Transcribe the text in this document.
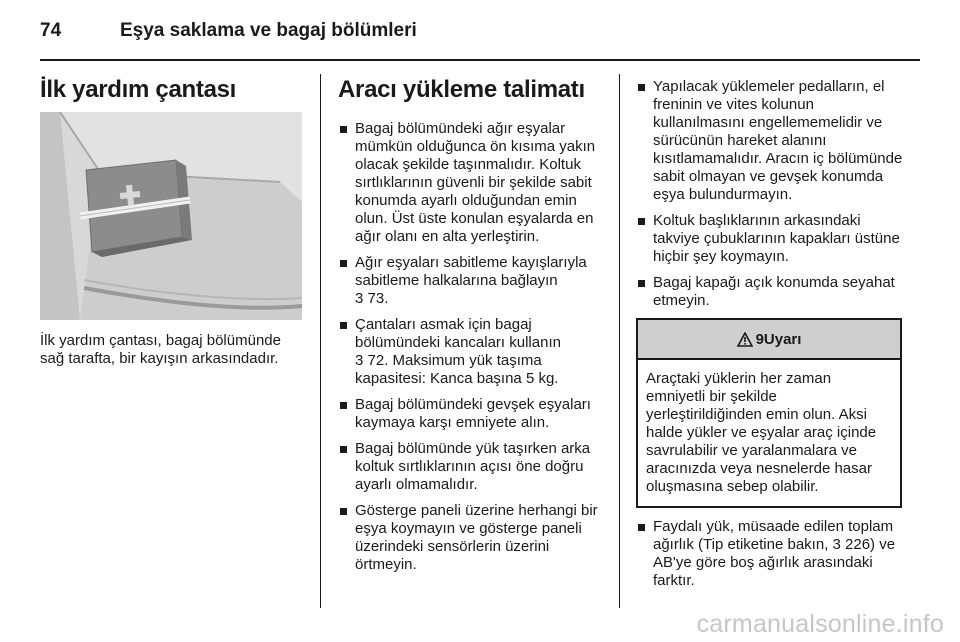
74	Eşya saklama ve bagaj bölümleri
İlk yardım çantası
İlk yardım çantası, bagaj bölümünde sağ tarafta, bir kayışın arkasındadır.
Aracı yükleme talimatı
Bagaj bölümündeki ağır eşyalar mümkün olduğunca ön kısıma yakın olacak şekilde taşınmalıdır. Koltuk sırtlıklarının güvenli bir şekilde sabit konumda ayarlı olduğundan emin olun. Üst üste konulan eşyalarda en ağır olanı en alta yerleştirin.
Ağır eşyaları sabitleme kayışlarıyla sabitleme halkalarına bağlayın
3 73.
Çantaları asmak için bagaj bölümündeki kancaları kullanın
3 72. Maksimum yük taşıma kapasitesi: Kanca başına 5 kg.
Bagaj bölümündeki gevşek eşyaları kaymaya karşı emniyete alın.
Bagaj bölümünde yük taşırken arka koltuk sırtlıklarının açısı öne doğru ayarlı olmamalıdır.
Gösterge paneli üzerine herhangi bir eşya koymayın ve gösterge paneli üzerindeki sensörlerin üzerini örtmeyin.
Yapılacak yüklemeler pedalların, el freninin ve vites kolunun kullanılmasını engellememelidir ve sürücünün hareket alanını kısıtlamamalıdır. Aracın iç bölümünde sabit olmayan ve gevşek konumda eşya bulundurmayın.
Koltuk başlıklarının arkasındaki takviye çubuklarının kapakları üstüne hiçbir şey koymayın.
Bagaj kapağı açık konumda seyahat etmeyin.
9Uyarı
Araçtaki yüklerin her zaman emniyetli bir şekilde yerleştirildiğinden emin olun. Aksi halde yükler ve eşyalar araç içinde savrulabilir ve yaralanmalara ve aracınızda veya nesnelerde hasar oluşmasına sebep olabilir.
Faydalı yük, müsaade edilen toplam ağırlık (Tip etiketine bakın, 3 226) ve AB'ye göre boş ağırlık arasındaki farktır.
carmanualsonline.info
